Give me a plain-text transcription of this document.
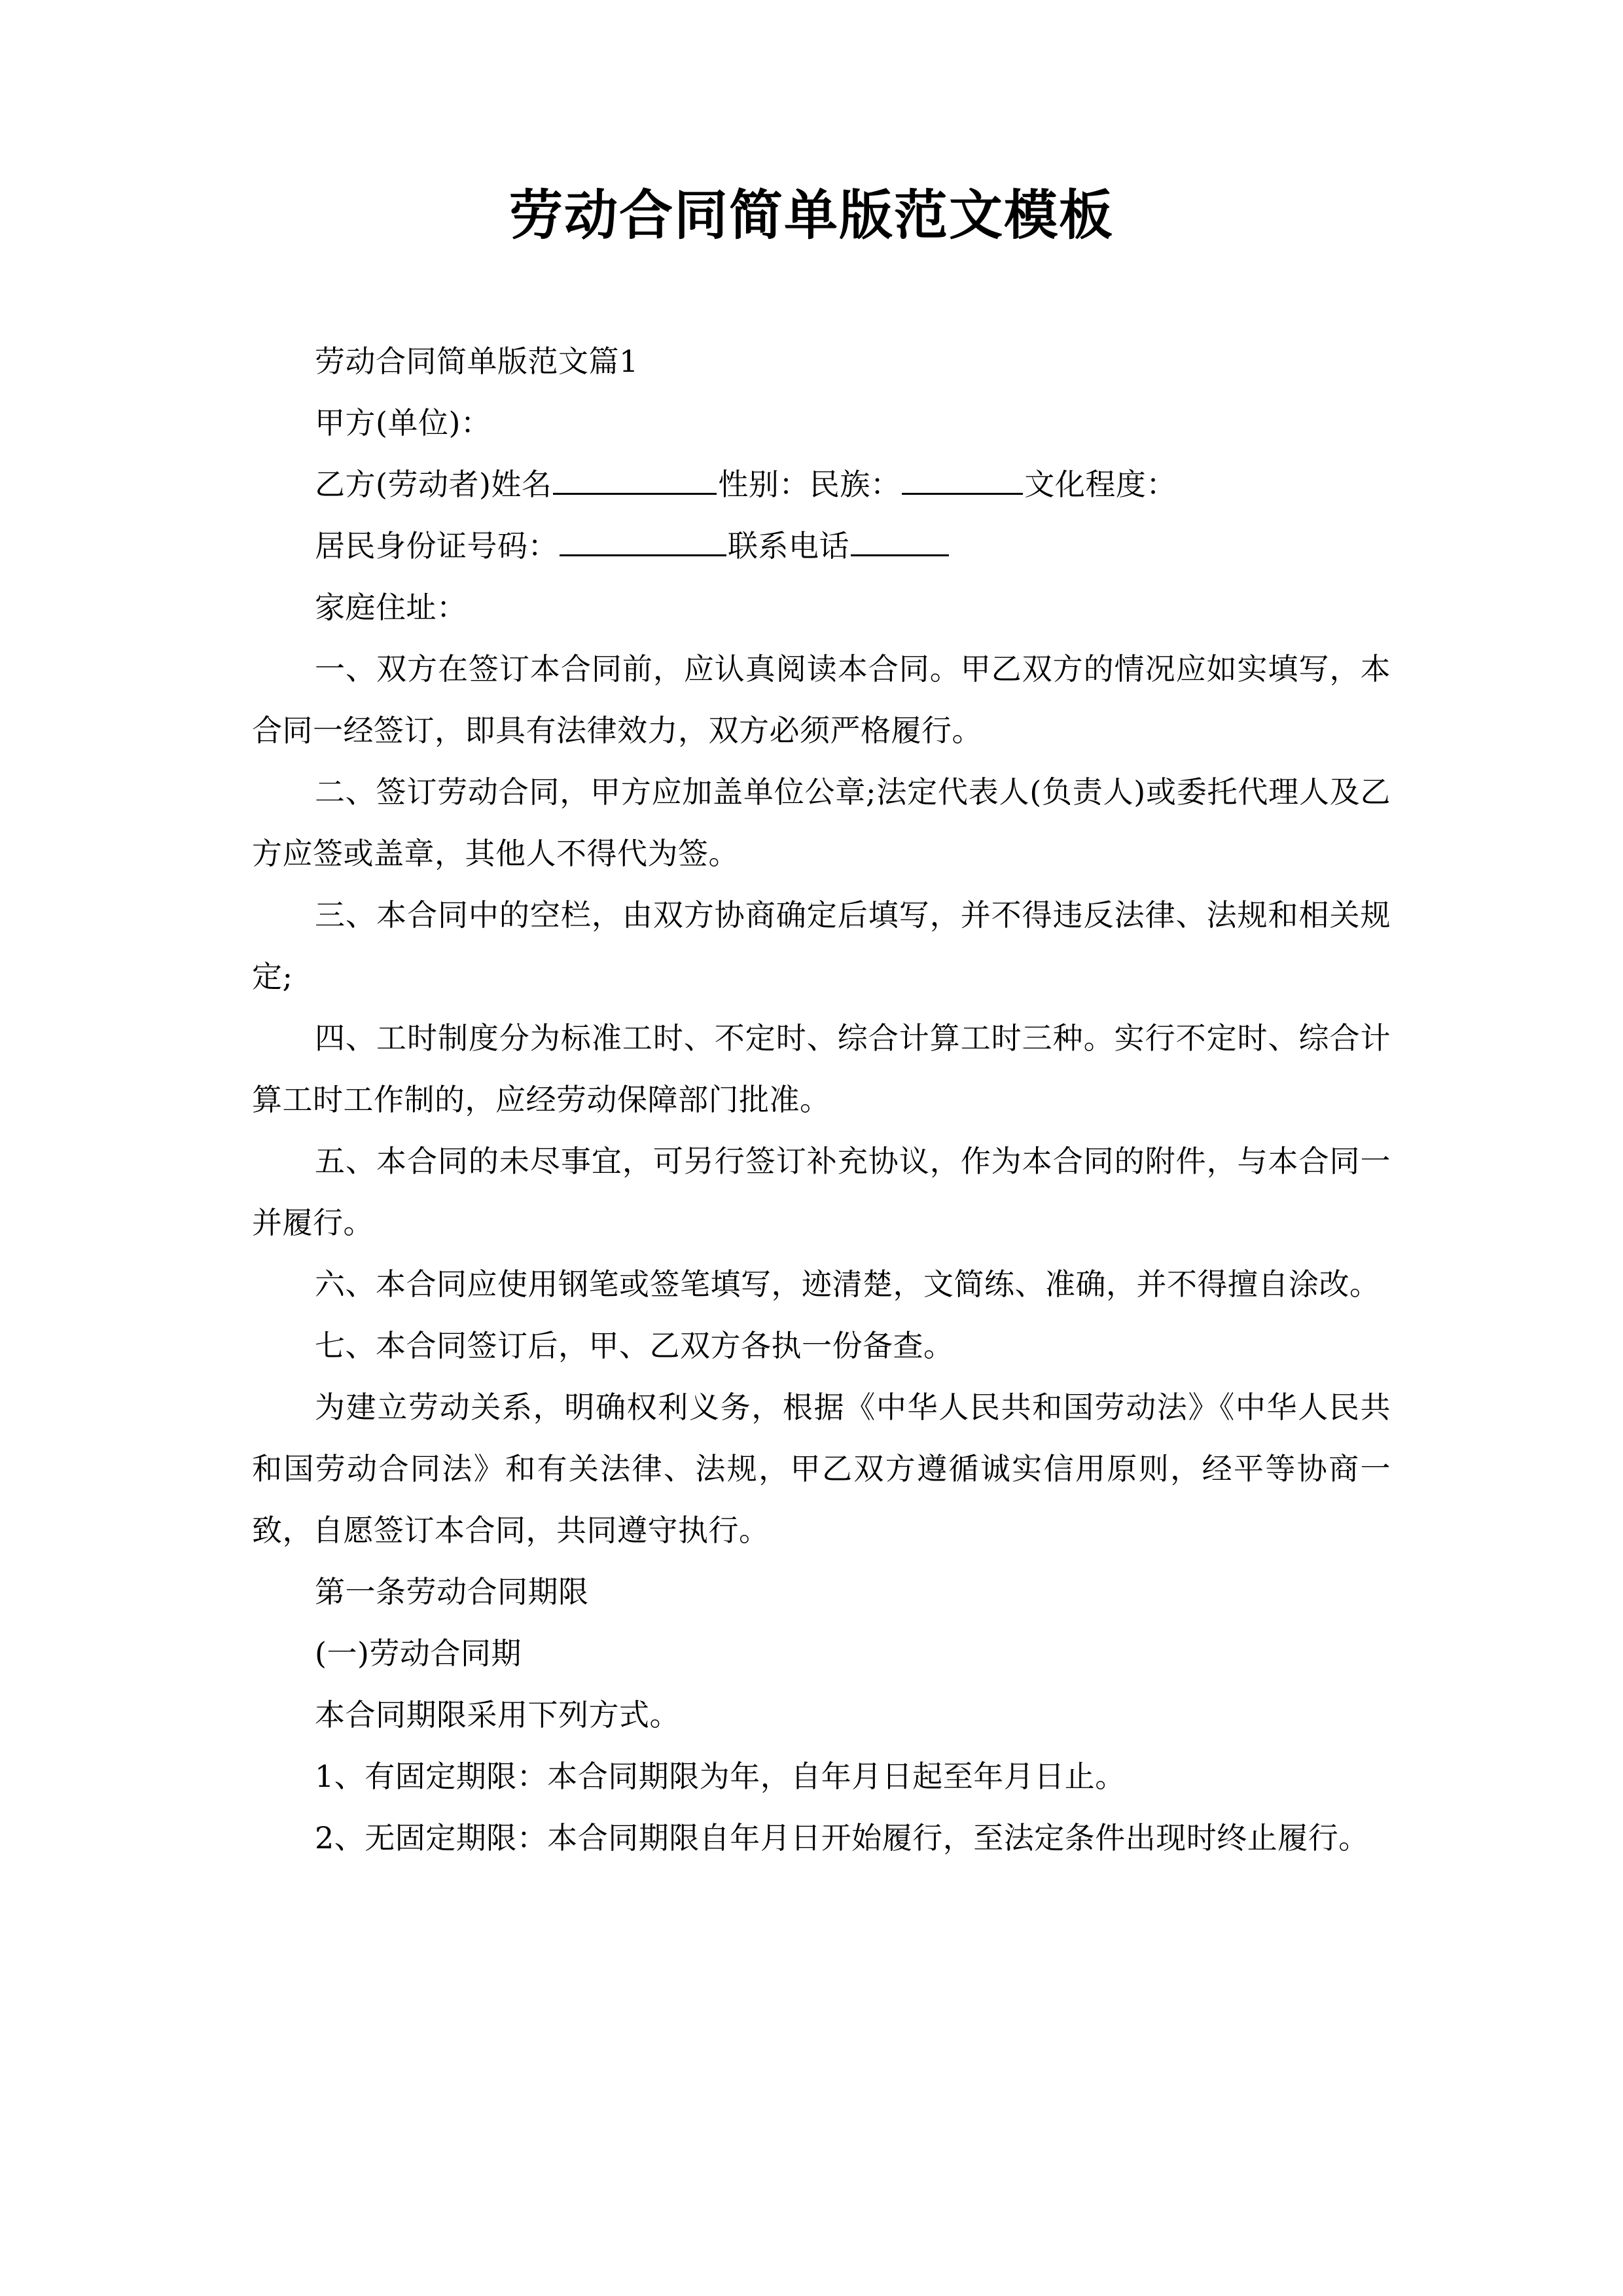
劳动合同简单版范文模板

劳动合同简单版范文篇1

甲方(单位)：

乙方(劳动者)姓名	性别：民族：	文化程度：

居民身份证号码：	联系电话

家庭住址：

一、双方在签订本合同前，应认真阅读本合同。甲乙双方的情况应如实填写，本合同一经签订，即具有法律效力，双方必须严格履行。

二、签订劳动合同，甲方应加盖单位公章;法定代表人(负责人)或委托代理人及乙方应签或盖章，其他人不得代为签。

三、本合同中的空栏，由双方协商确定后填写，并不得违反法律、法规和相关规定;

四、工时制度分为标准工时、不定时、综合计算工时三种。实行不定时、综合计算工时工作制的，应经劳动保障部门批准。

五、本合同的未尽事宜，可另行签订补充协议，作为本合同的附件，与本合同一并履行。

六、本合同应使用钢笔或签笔填写，迹清楚，文简练、准确，并不得擅自涂改。

七、本合同签订后，甲、乙双方各执一份备查。

为建立劳动关系，明确权利义务，根据《中华人民共和国劳动法》《中华人民共和国劳动合同法》和有关法律、法规，甲乙双方遵循诚实信用原则，经平等协商一致，自愿签订本合同，共同遵守执行。

第一条劳动合同期限

(一)劳动合同期

本合同期限采用下列方式。

1、有固定期限：本合同期限为年，自年月日起至年月日止。

2、无固定期限：本合同期限自年月日开始履行，至法定条件出现时终止履行。
